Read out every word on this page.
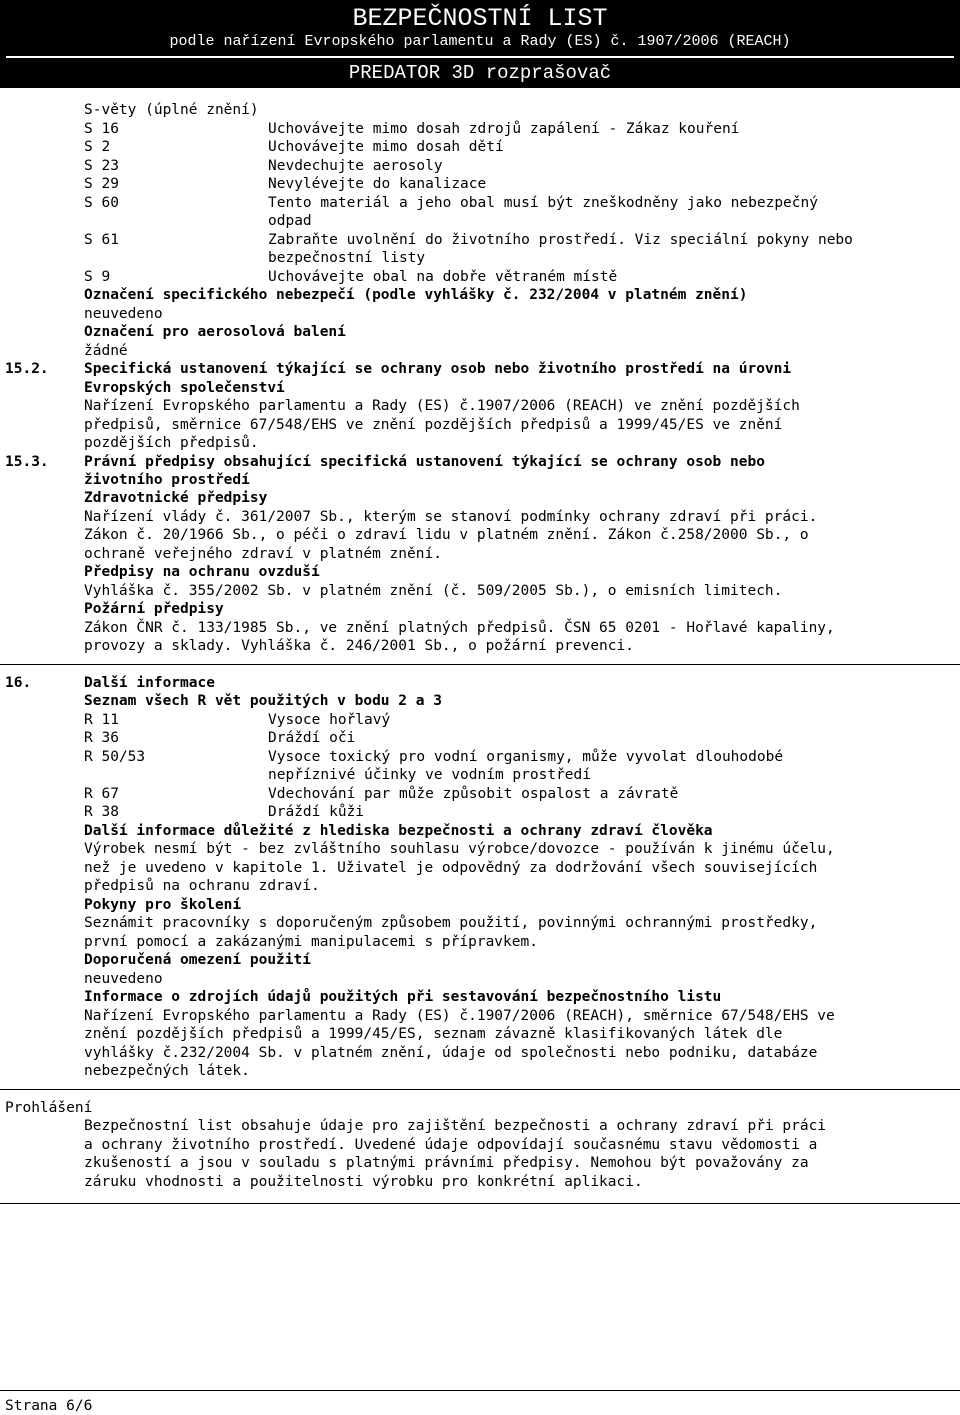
BEZPEČNOSTNÍ LIST
podle nařízení Evropského parlamentu a Rady (ES) č. 1907/2006 (REACH)
PREDATOR 3D rozprašovač
S-věty (úplné znění)
S 16	Uchovávejte mimo dosah zdrojů zapálení - Zákaz kouření
S 2	Uchovávejte mimo dosah dětí
S 23	Nevdechujte aerosoly
S 29	Nevylévejte do kanalizace
S 60	Tento materiál a jeho obal musí být zneškodněny jako nebezpečný
odpad
S 61	Zabraňte uvolnění do životního prostředí. Viz speciální pokyny nebo
bezpečnostní listy
S 9	Uchovávejte obal na dobře větraném místě
Označení specifického nebezpečí (podle vyhlášky č. 232/2004 v platném znění)
neuvedeno
Označení pro aerosolová balení
žádné
15.2. Specifická ustanovení týkající se ochrany osob nebo životního prostředí na úrovni
Evropských společenství
Nařízení Evropského parlamentu a Rady (ES) č.1907/2006 (REACH) ve znění pozdějších
předpisů, směrnice 67/548/EHS ve znění pozdějších předpisů a 1999/45/ES ve znění
pozdějších předpisů.
15.3. Právní předpisy obsahující specifická ustanovení týkající se ochrany osob nebo
životního prostředí
Zdravotnické předpisy
Nařízení vlády č. 361/2007 Sb., kterým se stanoví podmínky ochrany zdraví při práci.
Zákon č. 20/1966 Sb., o péči o zdraví lidu v platném znění. Zákon č.258/2000 Sb., o
ochraně veřejného zdraví v platném znění.
Předpisy na ochranu ovzduší
Vyhláška č. 355/2002 Sb. v platném znění (č. 509/2005 Sb.), o emisních limitech.
Požární předpisy
Zákon ČNR č. 133/1985 Sb., ve znění platných předpisů. ČSN 65 0201 - Hořlavé kapaliny,
provozy a sklady. Vyhláška č. 246/2001 Sb., o požární prevenci.
16.	Další informace
Seznam všech R vět použitých v bodu 2 a 3
R 11	Vysoce hořlavý
R 36	Dráždí oči
R 50/53	Vysoce toxický pro vodní organismy, může vyvolat dlouhodobé
nepříznivé účinky ve vodním prostředí
R 67	Vdechování par může způsobit ospalost a závratě
R 38	Dráždí kůži
Další informace důležité z hlediska bezpečnosti a ochrany zdraví člověka
Výrobek nesmí být - bez zvláštního souhlasu výrobce/dovozce - používán k jinému účelu,
než je uvedeno v kapitole 1. Uživatel je odpovědný za dodržování všech souvisejících
předpisů na ochranu zdraví.
Pokyny pro školení
Seznámit pracovníky s doporučeným způsobem použití, povinnými ochrannými prostředky,
první pomocí a zakázanými manipulacemi s přípravkem.
Doporučená omezení použití
neuvedeno
Informace o zdrojích údajů použitých při sestavování bezpečnostního listu
Nařízení Evropského parlamentu a Rady (ES) č.1907/2006 (REACH), směrnice 67/548/EHS ve
znění pozdějších předpisů a 1999/45/ES, seznam závazně klasifikovaných látek dle
vyhlášky č.232/2004 Sb. v platném znění, údaje od společnosti nebo podniku, databáze
nebezpečných látek.
Prohlášení
Bezpečnostní list obsahuje údaje pro zajištění bezpečnosti a ochrany zdraví při práci
a ochrany životního prostředí. Uvedené údaje odpovídají současnému stavu vědomosti a
zkušeností a jsou v souladu s platnými právními předpisy. Nemohou být považovány za
záruku vhodnosti a použitelnosti výrobku pro konkrétní aplikaci.
Strana 6/6
